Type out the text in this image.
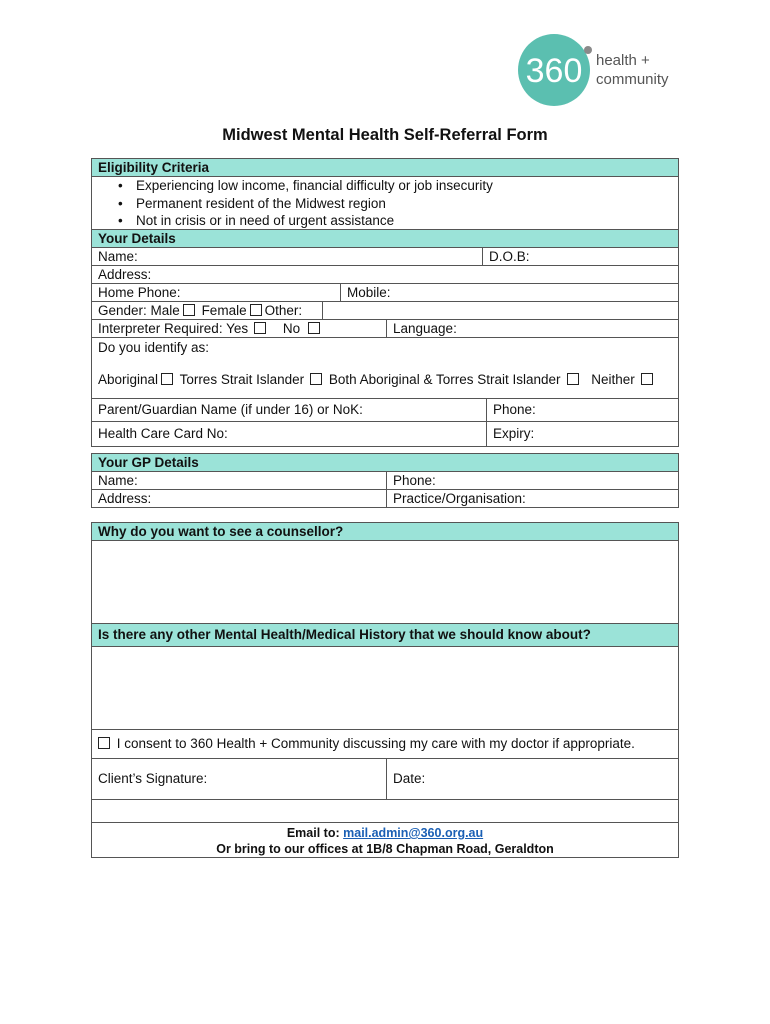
360 health +
community
Midwest Mental Health Self-Referral Form
Eligibility Criteria
• Experiencing low income, financial difficulty or job insecurity
• Permanent resident of the Midwest region
• Not in crisis or in need of urgent assistance
Your Details
Name:	D.O.B:
Address:
Home Phone:	Mobile:
Gender: Male Female Other:
Interpreter Required: Yes	No	Language:
Do you identify as:
Aboriginal Torres Strait Islander Both Aboriginal & Torres Strait Islander Neither
Parent/Guardian Name (if under 16) or NoK:	Phone:
Health Care Card No:	Expiry:
Your GP Details
Name:	Phone:
Address:	Practice/Organisation:
Why do you want to see a counsellor?
Is there any other Mental Health/Medical History that we should know about?
I consent to 360 Health + Community discussing my care with my doctor if appropriate.
Client’s Signature:	Date:
Email to: mail.admin@360.org.au
Or bring to our offices at 1B/8 Chapman Road, Geraldton
